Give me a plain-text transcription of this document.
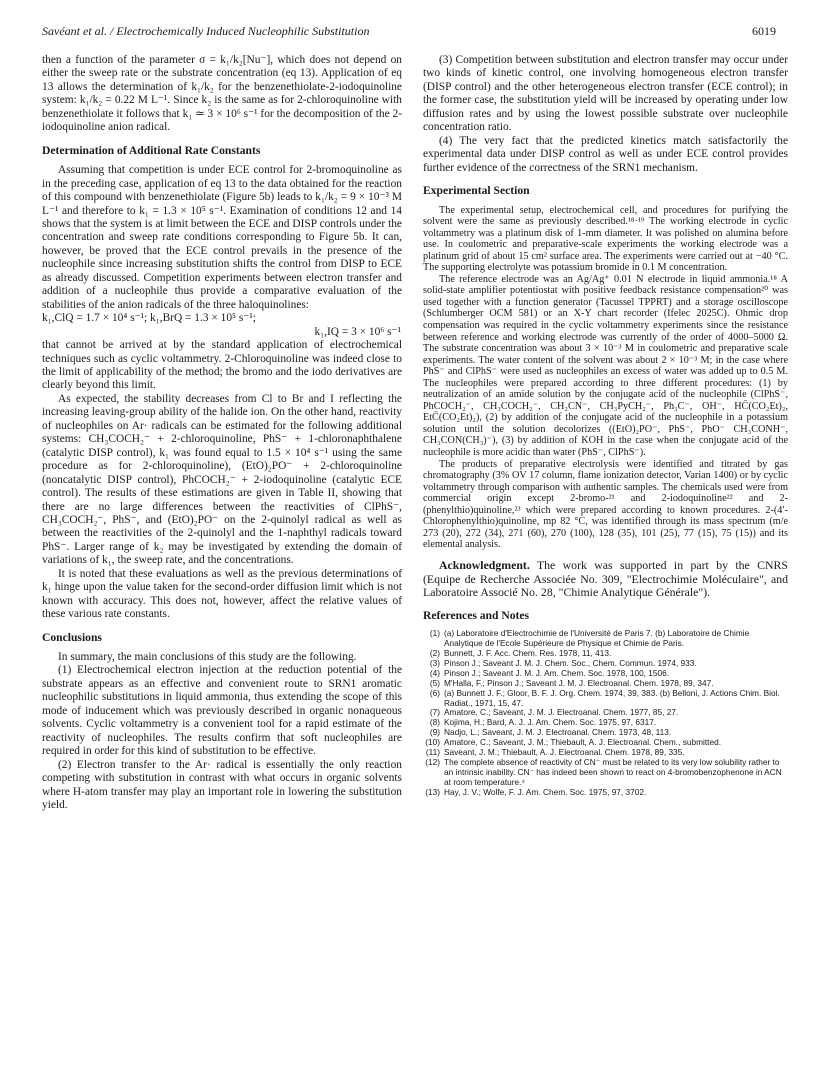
Savéant et al. / Electrochemically Induced Nucleophilic Substitution	6019

then a function of the parameter σ = k₁/k₂[Nu⁻], which does not depend on either the sweep rate or the substrate concentration (eq 13). Application of eq 13 allows the determination of k₁/k₂ for the benzenethiolate-2-iodoquinoline system: k₁/k₂ = 0.22 M L⁻¹. Since k₂ is the same as for 2-chloroquinoline with benzenethiolate it follows that k₁ ≃ 3 × 10⁶ s⁻¹ for the decomposition of the 2-iodoquinoline anion radical.

Determination of Additional Rate Constants

Assuming that competition is under ECE control for 2-bromoquinoline as in the preceding case, application of eq 13 to the data obtained for the reaction of this compound with benzenethiolate (Figure 5b) leads to k₁/k₂ = 9 × 10⁻³ M L⁻¹ and therefore to k₁ = 1.3 × 10⁵ s⁻¹. Examination of conditions 12 and 14 shows that the system is at limit between the ECE and DISP controls under the concentration and sweep rate conditions corresponding to Figure 5b. It can, however, be proved that the ECE control prevails in the presence of the nucleophile since increasing substitution shifts the control from DISP to ECE as already discussed. Competition experiments between electron transfer and addition of a nucleophile thus provide a comparative evaluation of the stabilities of the anion radicals of the three haloquinolines:

k₁,ClQ = 1.7 × 10⁴ s⁻¹; k₁,BrQ = 1.3 × 10⁵ s⁻¹;

k₁,IQ = 3 × 10⁶ s⁻¹

that cannot be arrived at by the standard application of electrochemical techniques such as cyclic voltammetry. 2-Chloroquinoline was indeed close to the limit of applicability of the method; the bromo and the iodo derivatives are clearly beyond this limit.

As expected, the stability decreases from Cl to Br and I reflecting the increasing leaving-group ability of the halide ion. On the other hand, reactivity of nucleophiles on Ar· radicals can be estimated for the following additional systems: CH₃COCH₂⁻ + 2-chloroquinoline, PhS⁻ + 1-chloronaphthalene (catalytic DISP control), k₁ was found equal to 1.5 × 10⁴ s⁻¹ using the same procedure as for 2-chloroquinoline), (EtO)₂PO⁻ + 2-chloroquinoline (noncatalytic DISP control), PhCOCH₂⁻ + 2-iodoquinoline (catalytic ECE control). The results of these estimations are given in Table II, showing that there are no large differences between the reactivities of ClPhS⁻, CH₃COCH₂⁻, PhS⁻, and (EtO)₂PO⁻ on the 2-quinolyl radical as well as between the reactivities of the 2-quinolyl and the 1-naphthyl radicals toward PhS⁻. Larger range of k₂ may be investigated by extending the domain of variations of k₁, the sweep rate, and the concentrations.

It is noted that these evaluations as well as the previous determinations of k₁ hinge upon the value taken for the second-order diffusion limit which is not known with accuracy. This does not, however, affect the relative values of these various rate constants.

Conclusions

In summary, the main conclusions of this study are the following.

(1) Electrochemical electron injection at the reduction potential of the substrate appears as an effective and convenient route to SRN1 aromatic nucleophilic substitutions in liquid ammonia, thus extending the scope of this mode of inducement which was previously described in organic nonaqueous solvents. Cyclic voltammetry is a convenient tool for a rapid estimate of the reactivity of nucleophiles. The results confirm that soft nucleophiles are required in order for this kind of substitution to be effective.

(2) Electron transfer to the Ar· radical is essentially the only reaction competing with substitution in contrast with what occurs in organic solvents where H-atom transfer may play an important role in lowering the substitution yield.

(3) Competition between substitution and electron transfer may occur under two kinds of kinetic control, one involving homogeneous electron transfer (DISP control) and the other heterogeneous electron transfer (ECE control); in the former case, the substitution yield will be increased by operating under low diffusion rates and by using the lowest possible substrate over nucleophile concentration ratio.

(4) The very fact that the predicted kinetics match satisfactorily the experimental data under DISP control as well as under ECE control provides further evidence of the correctness of the SRN1 mechanism.

Experimental Section

The experimental setup, electrochemical cell, and procedures for purifying the solvent were the same as previously described.¹⁸·¹⁹ The working electrode in cyclic voltammetry was a platinum disk of 1-mm diameter. It was polished on alumina before use. In coulometric and preparative-scale experiments the working electrode was a platinum grid of about 15 cm² surface area. The experiments were carried out at −40 °C. The supporting electrolyte was potassium bromide in 0.1 M concentration.

The reference electrode was an Ag/Ag⁺ 0.01 N electrode in liquid ammonia.¹⁸ A solid-state amplifier potentiostat with positive feedback resistance compensation²⁰ was used together with a function generator (Tacussel TPPRT) and a storage oscilloscope (Schlumberger OCM 581) or an X-Y chart recorder (Ifelec 2025C). Ohmic drop compensation was required in the cyclic voltammetry experiments since the resistance between reference and working electrode was currently of the order of 4000–5000 Ω. The substrate concentration was about 3 × 10⁻³ M in coulometric and preparative scale experiments. The water content of the solvent was about 2 × 10⁻³ M; in the case where PhS⁻ and ClPhS⁻ were used as nucleophiles an excess of water was added up to 0.5 M. The nucleophiles were prepared according to three different procedures: (1) by neutralization of an amide solution by the conjugate acid of the nucleophile (ClPhS⁻, PhCOCH₂⁻, CH₃COCH₂⁻, CH₂CN⁻, CH₃PyCH₂⁻, Ph₃C⁻, OH⁻, HC̄(CO₂Et)₂, EtC̄(CO₂Et)₂), (2) by addition of the conjugate acid of the nucleophile in a potassium solution until the solution decolorizes ((EtO)₂PO⁻, PhS⁻, PhO⁻ CH₃CONH⁻, CH₃CON(CH₃)⁻), (3) by addition of KOH in the case when the conjugate acid of the nucleophile is more acidic than water (PhS⁻, ClPhS⁻).

The products of preparative electrolysis were identified and titrated by gas chromatography (3% OV 17 column, flame ionization detector, Varian 1400) or by cyclic voltammetry through comparison with authentic samples. The chemicals used were from commercial origin except 2-bromo-²¹ and 2-iodoquinoline²² and 2-(phenylthio)quinoline,²³ which were prepared according to known procedures. 2-(4′-Chlorophenylthio)quinoline, mp 82 °C, was identified through its mass spectrum (m/e 273 (20), 272 (34), 271 (60), 270 (100), 128 (35), 101 (25), 77 (15), 75 (15)) and its elemental analysis.

Acknowledgment. The work was supported in part by the CNRS (Equipe de Recherche Associée No. 309, "Electrochimie Moléculaire", and Laboratoire Associé No. 28, "Chimie Analytique Générale").

References and Notes
(1) (a) Laboratoire d'Electrochimie de l'Université de Paris 7. (b) Laboratoire de Chimie Analytique de l'Ecole Supérieure de Physique et Chimie de Paris.
(2) Bunnett, J. F. Acc. Chem. Res. 1978, 11, 413.
(3) Pinson J.; Saveant J. M. J. Chem. Soc., Chem. Commun. 1974, 933.
(4) Pinson J.; Saveant J. M. J. Am. Chem. Soc. 1978, 100, 1506.
(5) M'Halla, F.; Pinson J.; Saveant J. M. J. Electroanal. Chem. 1978, 89, 347.
(6) (a) Bunnett J. F.; Gloor, B. F. J. Org. Chem. 1974, 39, 383. (b) Belloni, J. Actions Chim. Biol. Radiat., 1971, 15, 47.
(7) Amatore, C.; Saveant, J. M. J. Electroanal. Chem. 1977, 85, 27.
(8) Kojima, H.; Bard, A. J. J. Am. Chem. Soc. 1975, 97, 6317.
(9) Nadjo, L.; Saveant, J. M. J. Electroanal. Chem. 1973, 48, 113.
(10) Amatore, C.; Saveant, J. M.; Thiebault, A. J. Electroanal. Chem., submitted.
(11) Saveant, J. M.; Thiebault, A. J. Electroanal. Chem. 1978, 89, 335.
(12) The complete absence of reactivity of CN⁻ must be related to its very low solubility rather to an intrinsic inability. CN⁻ has indeed been shown to react on 4-bromobenzophenone in ACN at room temperature.⁴
(13) Hay, J. V.; Wolfe, F. J. Am. Chem. Soc. 1975, 97, 3702.
